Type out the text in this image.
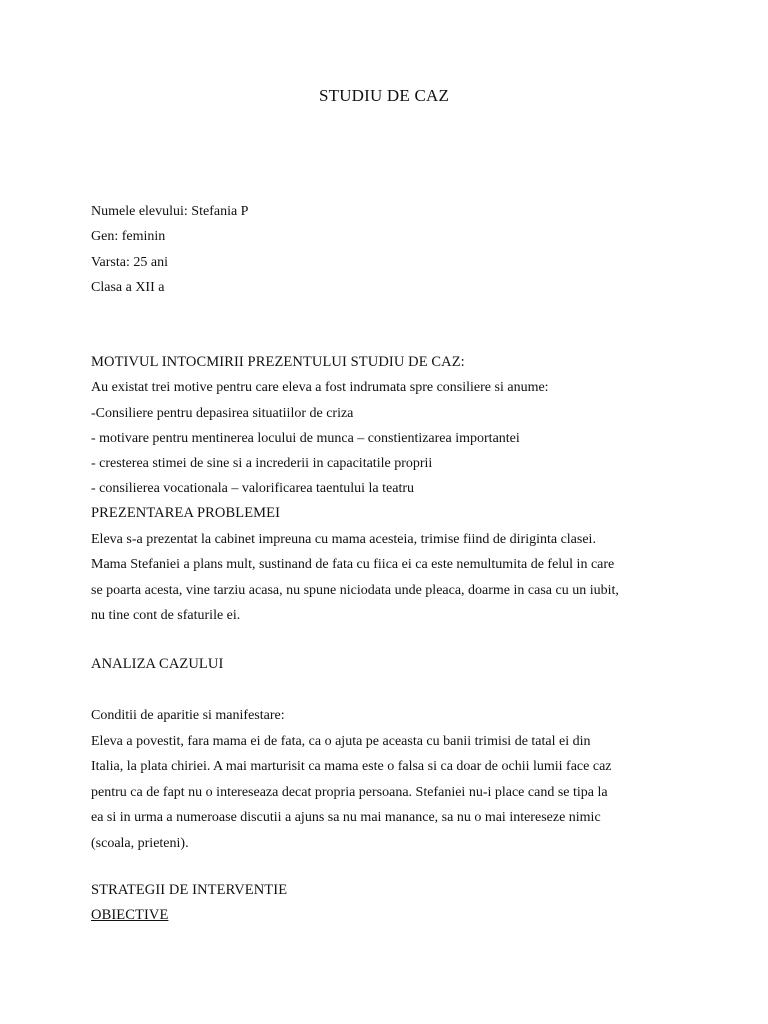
STUDIU DE CAZ
Numele elevului: Stefania P
Gen: feminin
Varsta: 25 ani
Clasa a XII a
MOTIVUL INTOCMIRII PREZENTULUI STUDIU DE CAZ:
Au existat trei motive pentru care eleva a fost indrumata spre consiliere si anume:
-Consiliere pentru depasirea situatiilor de criza
- motivare pentru mentinerea locului de munca – constientizarea importantei
- cresterea stimei de sine si a increderii in capacitatile proprii
- consilierea vocationala – valorificarea taentului la teatru
PREZENTAREA PROBLEMEI
Eleva s-a prezentat la cabinet impreuna cu mama acesteia, trimise fiind de diriginta clasei.
Mama Stefaniei a plans mult, sustinand de fata cu fiica ei ca este nemultumita de felul in care
se poarta acesta, vine tarziu acasa, nu spune niciodata unde pleaca, doarme in casa cu un iubit,
nu tine cont de sfaturile ei.
ANALIZA CAZULUI
Conditii de aparitie si manifestare:
Eleva a povestit, fara mama ei de fata, ca o ajuta pe aceasta cu banii trimisi de tatal ei din
Italia, la plata chiriei. A mai marturisit ca mama este o falsa si ca doar de ochii lumii face caz
pentru ca de fapt nu o intereseaza decat propria persoana. Stefaniei nu-i place cand se tipa la
ea si in urma a numeroase discutii a ajuns sa nu mai manance, sa nu o mai intereseze nimic
(scoala, prieteni).
STRATEGII DE INTERVENTIE
OBIECTIVE
